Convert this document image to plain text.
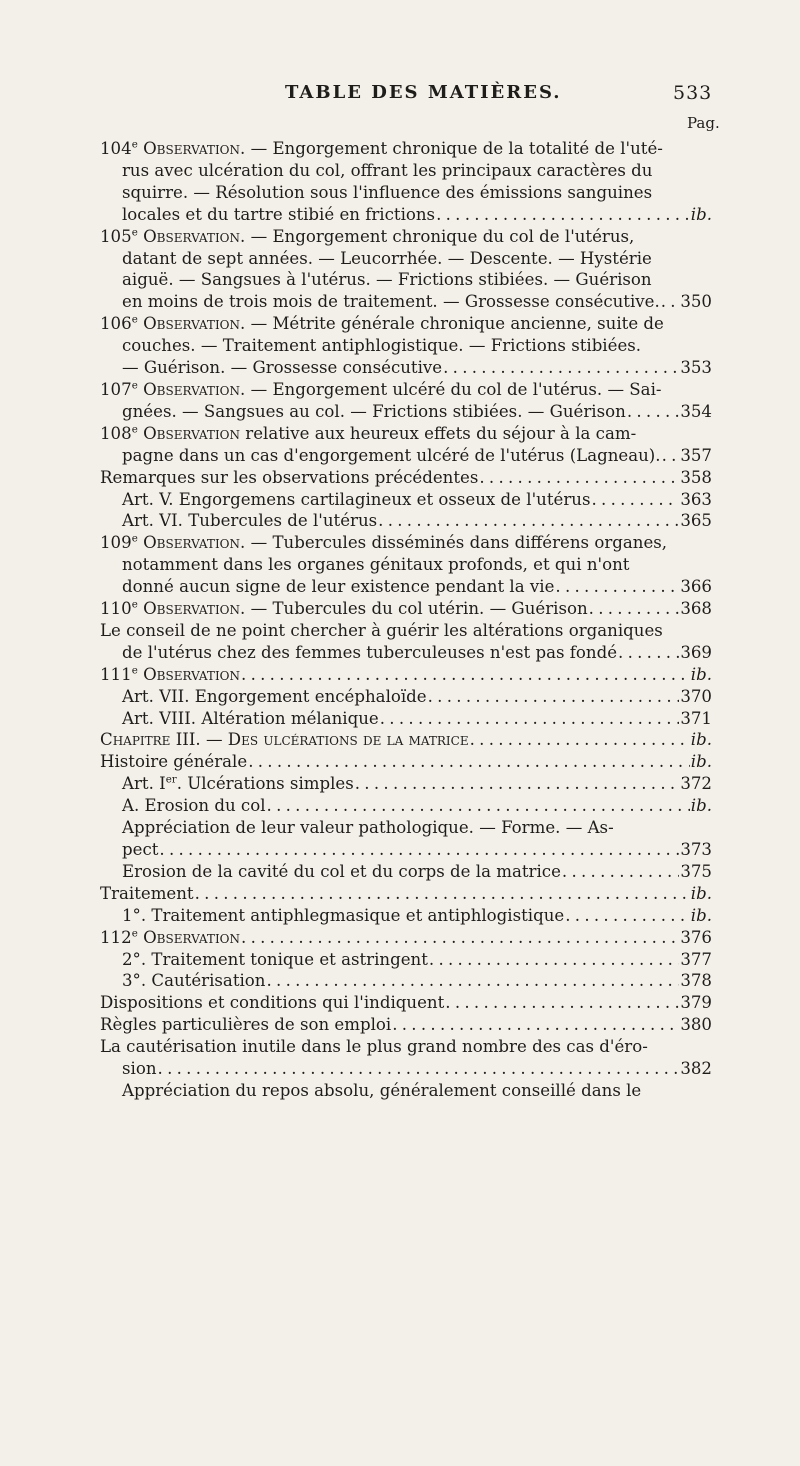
TABLE DES MATIÈRES.	533
Pag.
104e Observation. — Engorgement chronique de la totalité de l'uté-
rus avec ulcération du col, offrant les principaux caractères du
squirre. — Résolution sous l'influence des émissions sanguines
locales et du tartre stibié en frictions . . .	ib.
105e Observation. — Engorgement chronique du col de l'utérus,
datant de sept années. — Leucorrhée. — Descente. — Hystérie
aiguë. — Sangsues à l'utérus. — Frictions stibiées. — Guérison
en moins de trois mois de traitement. — Grossesse consécutive. . . . 350
106e Observation. — Métrite générale chronique ancienne, suite de
couches. — Traitement antiphlogistique. — Frictions stibiées.
— Guérison. — Grossesse consécutive . . .	353
107e Observation. — Engorgement ulcéré du col de l'utérus. — Sai-
gnées. — Sangsues au col. — Frictions stibiées. — Guérison . . .	354
108e Observation relative aux heureux effets du séjour à la cam-
pagne dans un cas d'engorgement ulcéré de l'utérus (Lagneau). . . . 357
Remarques sur les observations précédentes . . .	358
Art. V. Engorgemens cartilagineux et osseux de l'utérus . . .	363
Art. VI. Tubercules de l'utérus . . .	365
109e Observation. — Tubercules disséminés dans différens organes,
notamment dans les organes génitaux profonds, et qui n'ont
donné aucun signe de leur existence pendant la vie . . .	366
110e Observation. — Tubercules du col utérin. — Guérison . . .	368
Le conseil de ne point chercher à guérir les altérations organiques
de l'utérus chez des femmes tuberculeuses n'est pas fondé . . .	369
111e Observation . . .	ib.
Art. VII. Engorgement encéphaloïde . . .	370
Art. VIII. Altération mélanique . . .	371
Chapitre III. — Des ulcérations de la matrice . . .	ib.
Histoire générale . . .	ib.
Art. Ier. Ulcérations simples . . .	372
A. Erosion du col . . .	ib.
Appréciation de leur valeur pathologique. — Forme. — As-
pect . . .	373
Erosion de la cavité du col et du corps de la matrice . . .	375
Traitement . . .	ib.
1°. Traitement antiphlegmasique et antiphlogistique . . .	ib.
112e Observation . . .	376
2°. Traitement tonique et astringent . . .	377
3°. Cautérisation . . .	378
Dispositions et conditions qui l'indiquent . . .	379
Règles particulières de son emploi . . .	380
La cautérisation inutile dans le plus grand nombre des cas d'éro-
sion . . .	382
Appréciation du repos absolu, généralement conseillé dans le
